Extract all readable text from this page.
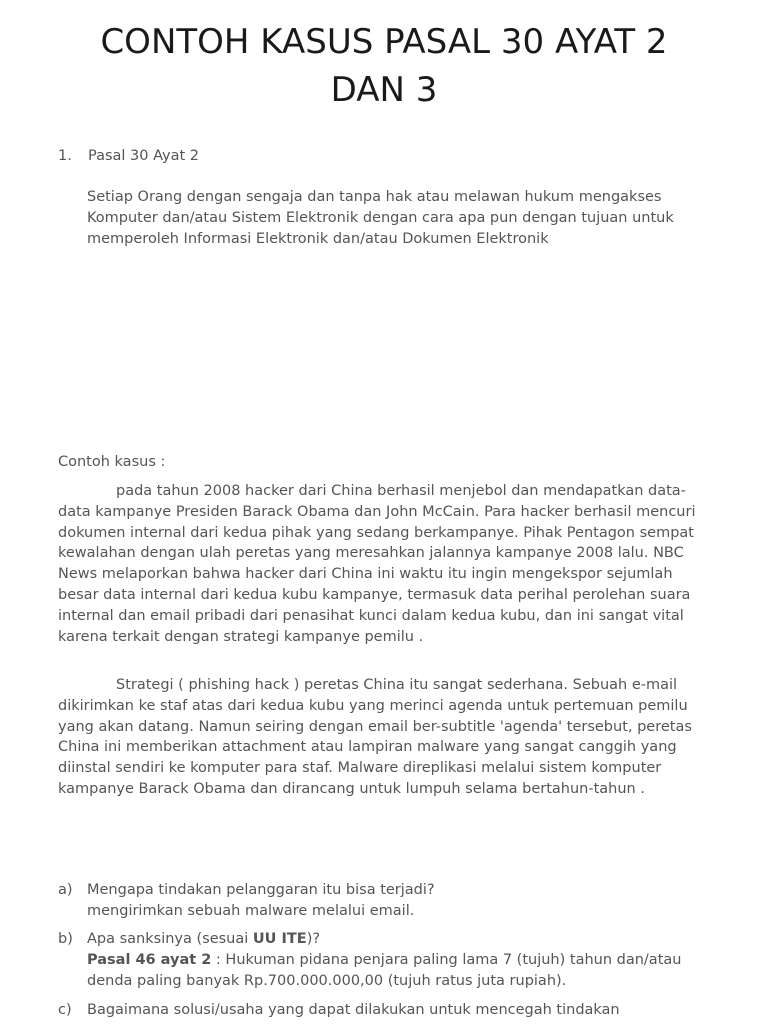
CONTOH KASUS PASAL 30 AYAT 2
DAN 3
1. Pasal 30 Ayat 2
Setiap Orang dengan sengaja dan tanpa hak atau melawan hukum mengakses Komputer dan/atau Sistem Elektronik dengan cara apa pun dengan tujuan untuk memperoleh Informasi Elektronik dan/atau Dokumen Elektronik
Contoh kasus :

pada tahun 2008 hacker dari China berhasil menjebol dan mendapatkan data-data kampanye Presiden Barack Obama dan John McCain. Para hacker berhasil mencuri dokumen internal dari kedua pihak yang sedang berkampanye. Pihak Pentagon sempat kewalahan dengan ulah peretas yang meresahkan jalannya kampanye 2008 lalu. NBC News melaporkan bahwa hacker dari China ini waktu itu ingin mengekspor sejumlah besar data internal dari kedua kubu kampanye, termasuk data perihal perolehan suara internal dan email pribadi dari penasihat kunci dalam kedua kubu, dan ini sangat vital karena terkait dengan strategi kampanye pemilu .

Strategi ( phishing hack ) peretas China itu sangat sederhana. Sebuah e-mail dikirimkan ke staf atas dari kedua kubu yang merinci agenda untuk pertemuan pemilu yang akan datang. Namun seiring dengan email ber-subtitle 'agenda' tersebut, peretas China ini memberikan attachment atau lampiran malware yang sangat canggih yang diinstal sendiri ke komputer para staf. Malware direplikasi melalui sistem komputer kampanye Barack Obama dan dirancang untuk lumpuh selama bertahun-tahun .

a) Mengapa tindakan pelanggaran itu bisa terjadi?
mengirimkan sebuah malware melalui email.
b) Apa sanksinya (sesuai UU ITE)?
Pasal 46 ayat 2 : Hukuman pidana penjara paling lama 7 (tujuh) tahun dan/atau denda paling banyak Rp.700.000.000,00 (tujuh ratus juta rupiah).
c)	Bagaimana solusi/usaha yang dapat dilakukan untuk mencegah tindakan
